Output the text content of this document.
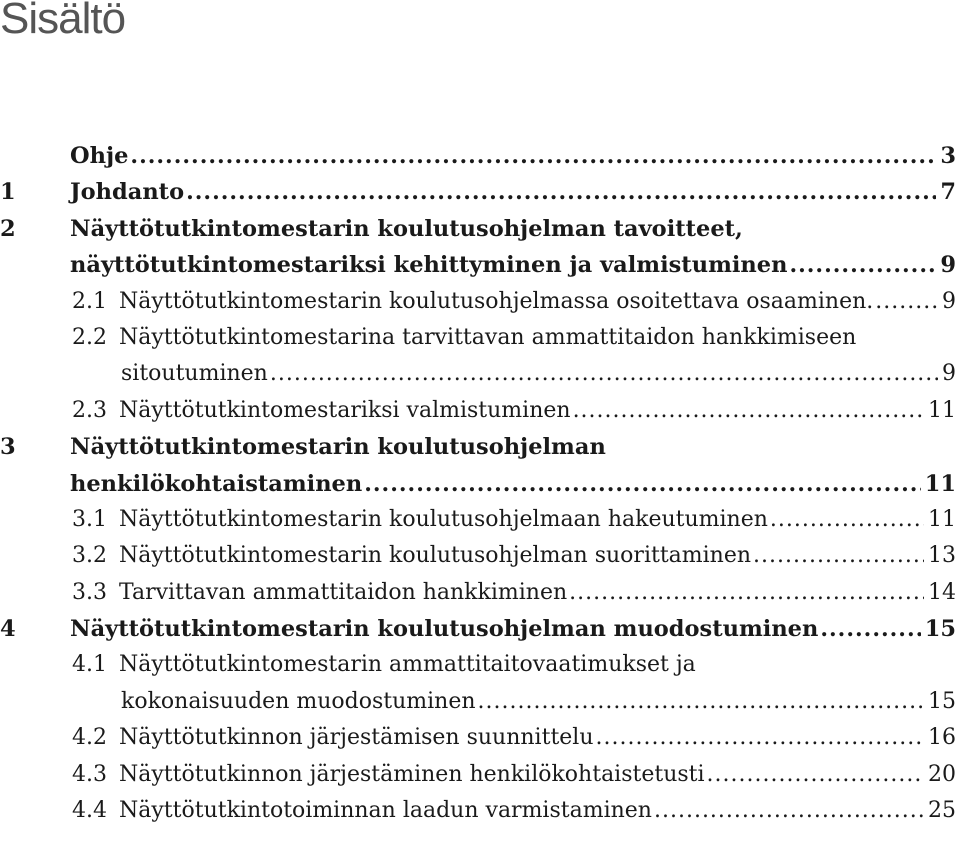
Sisältö
Ohje .....	3
1	Johdanto .....	7
2	Näyttötutkintomestarin koulutusohjelman tavoitteet,
näyttötutkintomestariksi kehittyminen ja valmistuminen .....	9
2.1 Näyttötutkintomestarin koulutusohjelmassa osoitettava osaaminen. .....	9
2.2 Näyttötutkintomestarina tarvittavan ammattitaidon hankkimiseen
sitoutuminen .....	9
2.3 Näyttötutkintomestariksi valmistuminen .....	11
3	Näyttötutkintomestarin koulutusohjelman
henkilökohtaistaminen .....	11
3.1 Näyttötutkintomestarin koulutusohjelmaan hakeutuminen .....	11
3.2 Näyttötutkintomestarin koulutusohjelman suorittaminen .....	13
3.3 Tarvittavan ammattitaidon hankkiminen .....	14
4	Näyttötutkintomestarin koulutusohjelman muodostuminen .....	15
4.1 Näyttötutkintomestarin ammattitaitovaatimukset ja
kokonaisuuden muodostuminen .....	15
4.2 Näyttötutkinnon järjestämisen suunnittelu .....	16
4.3 Näyttötutkinnon järjestäminen henkilökohtaistetusti .....	20
4.4 Näyttötutkintotoiminnan laadun varmistaminen .....	25
